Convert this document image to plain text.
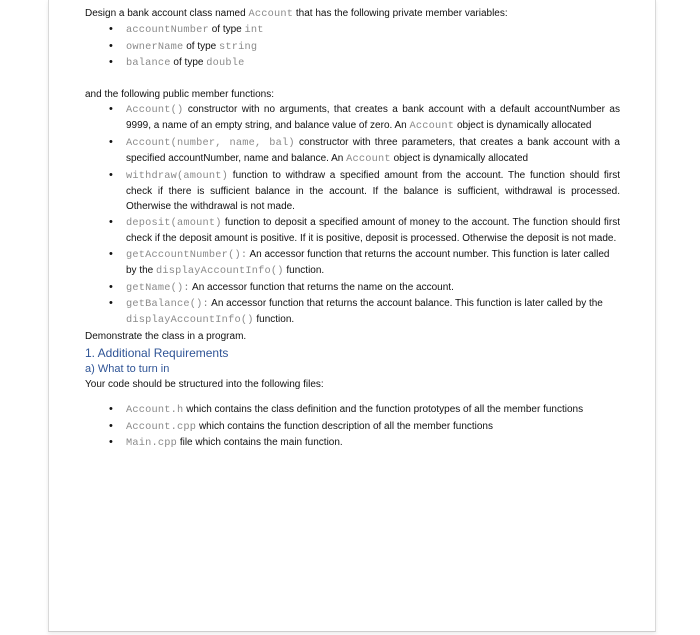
Design a bank account class named Account that has the following private member variables:

• accountNumber of type int
• ownerName of type string
• balance of type double

and the following public member functions:

• Account() constructor with no arguments, that creates a bank account with a default accountNumber as 9999, a name of an empty string, and balance value of zero. An Account object is dynamically allocated
• Account(number, name, bal) constructor with three parameters, that creates a bank account with a specified accountNumber, name and balance. An Account object is dynamically allocated
• withdraw(amount) function to withdraw a specified amount from the account. The function should first check if there is sufficient balance in the account. If the balance is sufficient, withdrawal is processed. Otherwise the withdrawal is not made.
• deposit(amount) function to deposit a specified amount of money to the account. The function should first check if the deposit amount is positive. If it is positive, deposit is processed. Otherwise the deposit is not made.
• getAccountNumber(): An accessor function that returns the account number. This function is later called by the displayAccountInfo() function.
• getName(): An accessor function that returns the name on the account.
• getBalance(): An accessor function that returns the account balance. This function is later called by the displayAccountInfo() function.

Demonstrate the class in a program.

1. Additional Requirements

a) What to turn in

Your code should be structured into the following files:

• Account.h which contains the class definition and the function prototypes of all the member functions
• Account.cpp which contains the function description of all the member functions
• Main.cpp file which contains the main function.
